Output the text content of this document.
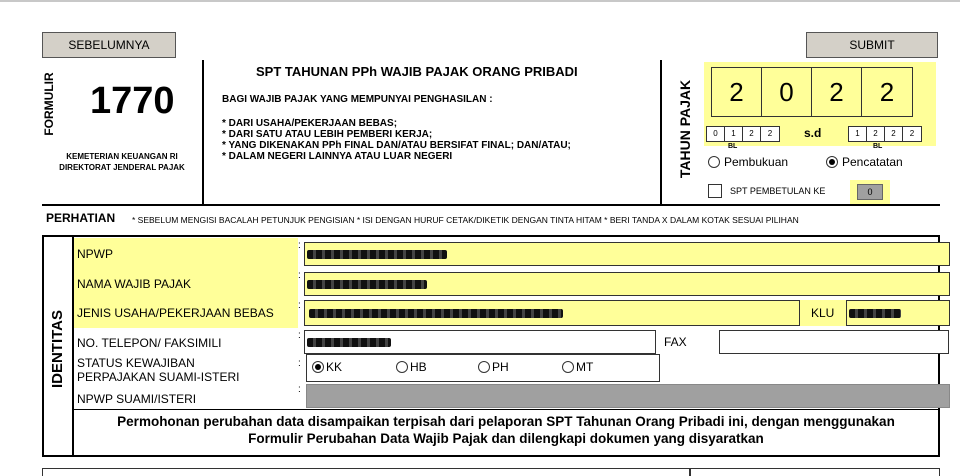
SEBELUMNYA	SUBMIT
FORMULIR 1770
KEMETERIAN KEUANGAN RI
DIREKTORAT JENDERAL PAJAK
SPT TAHUNAN PPh WAJIB PAJAK ORANG PRIBADI
BAGI WAJIB PAJAK YANG MEMPUNYAI PENGHASILAN :
* DARI USAHA/PEKERJAAN BEBAS;
* DARI SATU ATAU LEBIH PEMBERI KERJA;
* YANG DIKENAKAN PPh FINAL DAN/ATAU BERSIFAT FINAL; DAN/ATAU;
* DALAM NEGERI LAINNYA ATAU LUAR NEGERI	TAHUN PAJAK	2	0	2	2
0	1	2	2
BL
s.d	1	2	2	2
BL
Pembukuan	Pencatatan
SPT PEMBETULAN KE	0
PERHATIAN * SEBELUM MENGISI BACALAH PETUNJUK PENGISIAN * ISI DENGAN HURUF CETAK/DIKETIK DENGAN TINTA HITAM * BERI TANDA X DALAM KOTAK SESUAI PILIHAN
IDENTITAS
NPWP
:
NAMA WAJIB PAJAK
:
JENIS USAHA/PEKERJAAN BEBAS
:
KLU
NO. TELEPON/ FAKSIMILI
:	FAX
STATUS KEWAJIBAN
PERPAJAKAN SUAMI-ISTERI
: KK	HB	PH	MT
NPWP SUAMI/ISTERI
:
Permohonan perubahan data disampaikan terpisah dari pelaporan SPT Tahunan Orang Pribadi ini, dengan menggunakan
Formulir Perubahan Data Wajib Pajak dan dilengkapi dokumen yang disyaratkan
